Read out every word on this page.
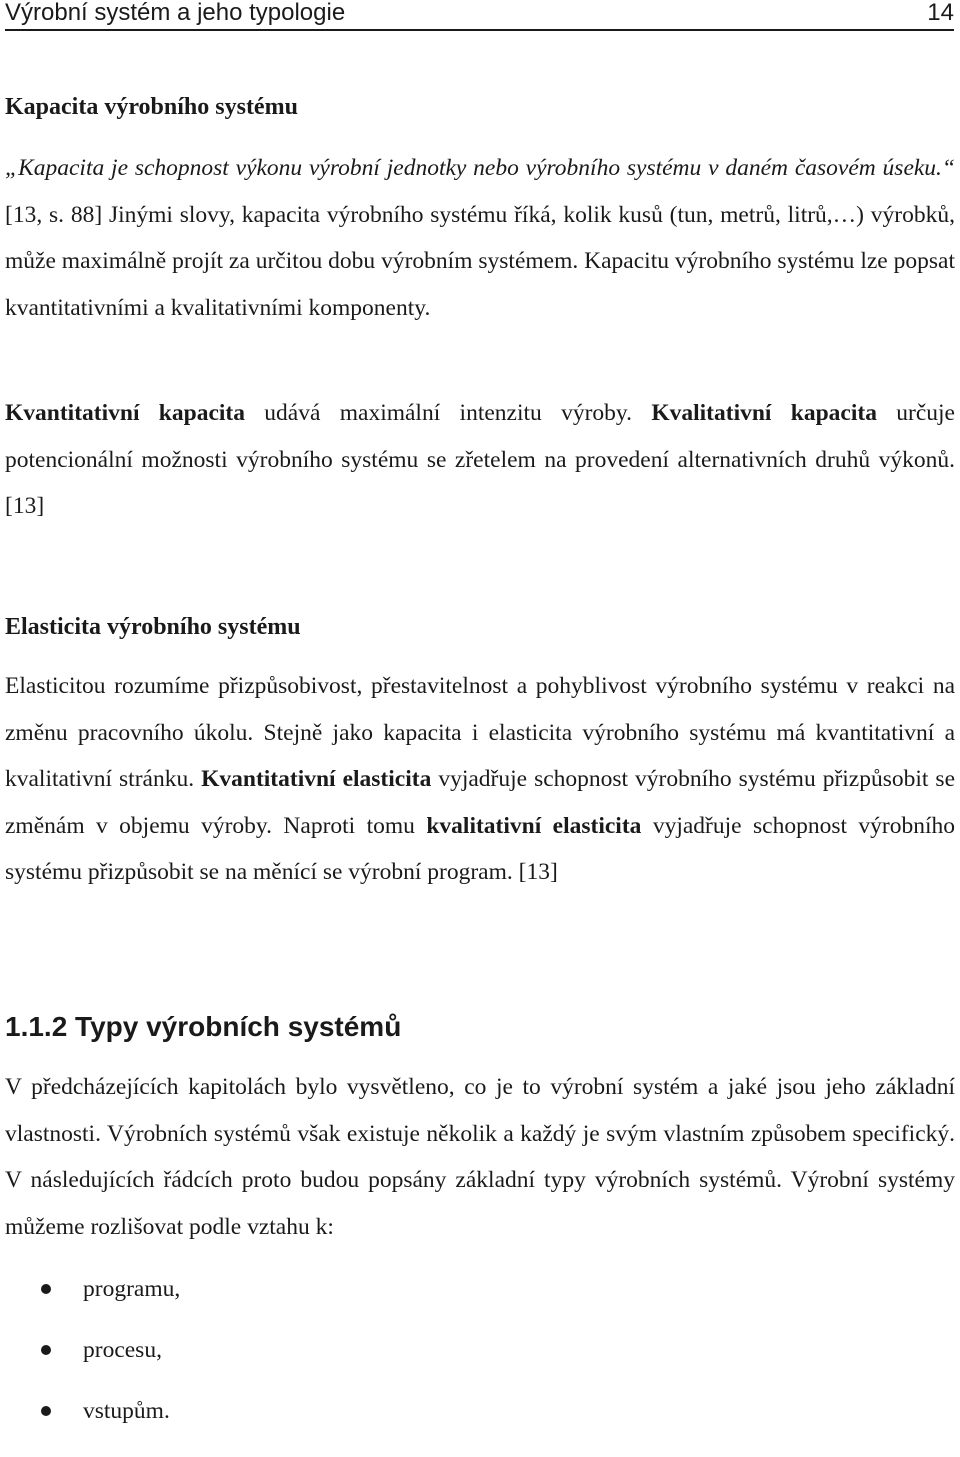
Výrobní systém a jeho typologie	14

Kapacita výrobního systému

„Kapacita je schopnost výkonu výrobní jednotky nebo výrobního systému v daném časovém úseku.“ [13, s. 88] Jinými slovy, kapacita výrobního systému říká, kolik kusů (tun, metrů, litrů,…) výrobků, může maximálně projít za určitou dobu výrobním systémem. Kapacitu výrobního systému lze popsat kvantitativními a kvalitativními komponenty.

Kvantitativní kapacita udává maximální intenzitu výroby. Kvalitativní kapacita určuje potencionální možnosti výrobního systému se zřetelem na provedení alternativních druhů výkonů. [13]

Elasticita výrobního systému

Elasticitou rozumíme přizpůsobivost, přestavitelnost a pohyblivost výrobního systému v reakci na změnu pracovního úkolu. Stejně jako kapacita i elasticita výrobního systému má kvantitativní a kvalitativní stránku. Kvantitativní elasticita vyjadřuje schopnost výrobního systému přizpůsobit se změnám v objemu výroby. Naproti tomu kvalitativní elasticita vyjadřuje schopnost výrobního systému přizpůsobit se na měnící se výrobní program. [13]

1.1.2 Typy výrobních systémů

V předcházejících kapitolách bylo vysvětleno, co je to výrobní systém a jaké jsou jeho základní vlastnosti. Výrobních systémů však existuje několik a každý je svým vlastním způsobem specifický. V následujících řádcích proto budou popsány základní typy výrobních systémů. Výrobní systémy můžeme rozlišovat podle vztahu k:

programu,
procesu,
vstupům.
